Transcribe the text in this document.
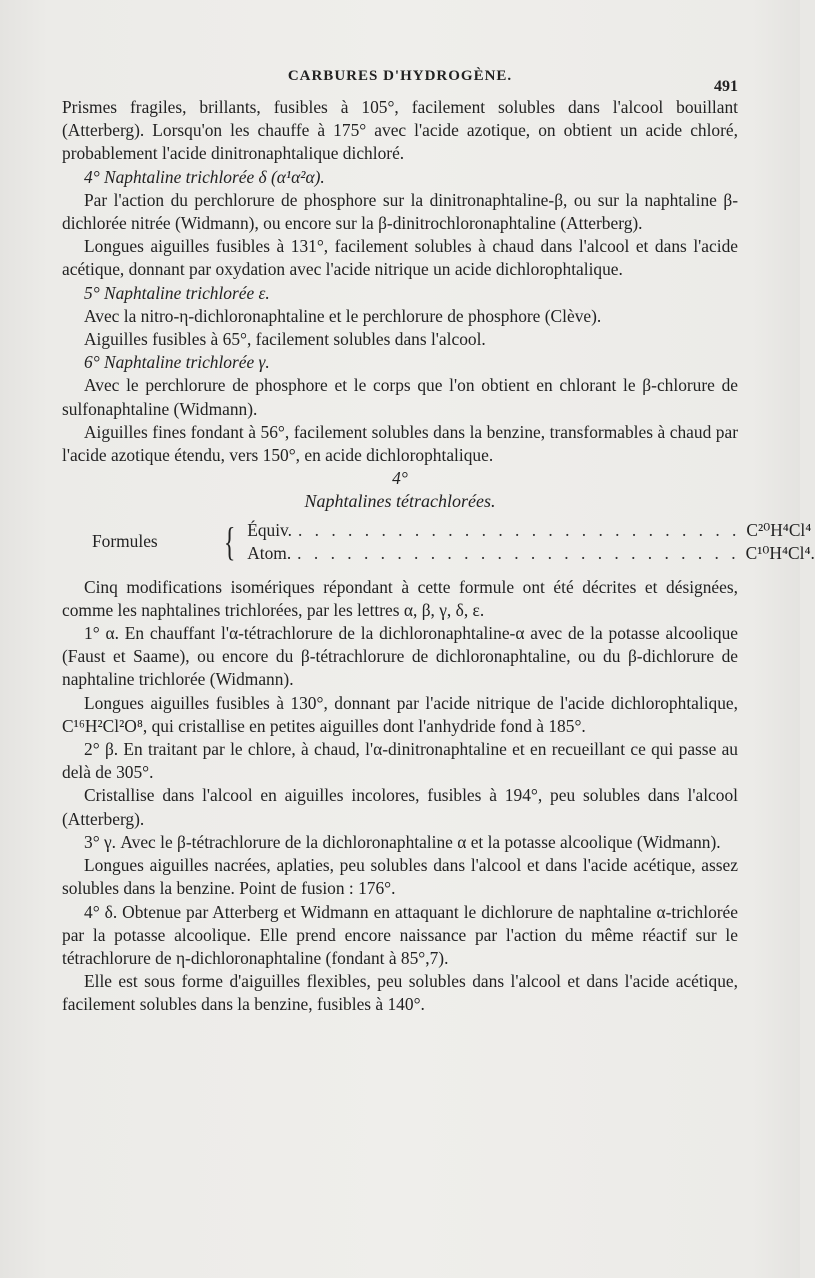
CARBURES D'HYDROGÈNE.
491

Prismes fragiles, brillants, fusibles à 105°, facilement solubles dans l'alcool bouillant (Atterberg). Lorsqu'on les chauffe à 175° avec l'acide azotique, on obtient un acide chloré, probablement l'acide dinitronaphtalique dichloré.

4° Naphtaline trichlorée δ (α¹α²α).

Par l'action du perchlorure de phosphore sur la dinitronaphtaline-β, ou sur la naphtaline β-dichlorée nitrée (Widmann), ou encore sur la β-dinitrochloronaphtaline (Atterberg).

Longues aiguilles fusibles à 131°, facilement solubles à chaud dans l'alcool et dans l'acide acétique, donnant par oxydation avec l'acide nitrique un acide dichlorophtalique.

5° Naphtaline trichlorée ε.

Avec la nitro-η-dichloronaphtaline et le perchlorure de phosphore (Clève).

Aiguilles fusibles à 65°, facilement solubles dans l'alcool.

6° Naphtaline trichlorée γ.

Avec le perchlorure de phosphore et le corps que l'on obtient en chlorant le β-chlorure de sulfonaphtaline (Widmann).

Aiguilles fines fondant à 56°, facilement solubles dans la benzine, transformables à chaud par l'acide azotique étendu, vers 150°, en acide dichlorophtalique.

4°

Naphtalines tétrachlorées.

Formules	{ Équiv. . . . . . . . . . . . . . . . . . . . . . . . . . . . C²⁰H⁴Cl⁴
Atom. . . . . . . . . . . . . . . . . . . . . . . . . . . . C¹⁰H⁴Cl⁴.

Cinq modifications isomériques répondant à cette formule ont été décrites et désignées, comme les naphtalines trichlorées, par les lettres α, β, γ, δ, ε.

1° α. En chauffant l'α-tétrachlorure de la dichloronaphtaline-α avec de la potasse alcoolique (Faust et Saame), ou encore du β-tétrachlorure de dichloronaphtaline, ou du β-dichlorure de naphtaline trichlorée (Widmann).

Longues aiguilles fusibles à 130°, donnant par l'acide nitrique de l'acide dichlorophtalique, C¹⁶H²Cl²O⁸, qui cristallise en petites aiguilles dont l'anhydride fond à 185°.

2° β. En traitant par le chlore, à chaud, l'α-dinitronaphtaline et en recueillant ce qui passe au delà de 305°.

Cristallise dans l'alcool en aiguilles incolores, fusibles à 194°, peu solubles dans l'alcool (Atterberg).

3° γ. Avec le β-tétrachlorure de la dichloronaphtaline α et la potasse alcoolique (Widmann).

Longues aiguilles nacrées, aplaties, peu solubles dans l'alcool et dans l'acide acétique, assez solubles dans la benzine. Point de fusion : 176°.

4° δ. Obtenue par Atterberg et Widmann en attaquant le dichlorure de naphtaline α-trichlorée par la potasse alcoolique. Elle prend encore naissance par l'action du même réactif sur le tétrachlorure de η-dichloronaphtaline (fondant à 85°,7).

Elle est sous forme d'aiguilles flexibles, peu solubles dans l'alcool et dans l'acide acétique, facilement solubles dans la benzine, fusibles à 140°.
